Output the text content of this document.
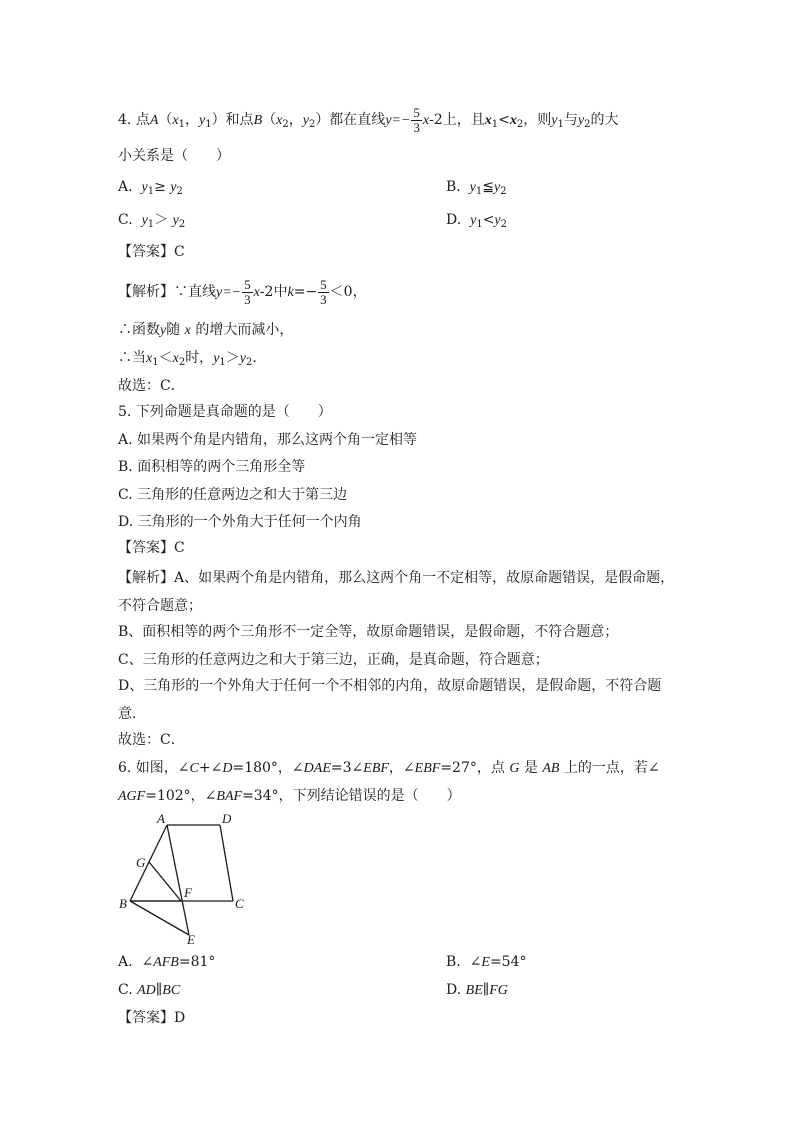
4. 点$A(x_1$，$y_1$）和点$B(x_2$，$y_2$）都在直线$y=- \frac{5}{3} x-2$上，且$x_1<x_2$，则$y_1$与$y_2$的大
小关系是（　　）
A. $y_1\ge y_2$	B. $y_1≦y_2$
C. $y_1> y_2$	D. $y_1<y_2$
【答案】C
【解析】∵直线$y=- \frac{5}{3} x-2$中$k=- \frac{5}{3} <0$，
∴函数y随 x 的增大而减小，
∴当$x_1<x_2$时，$y_1>y_2$．
故选：C．
5. 下列命题是真命题的是（　　）
A. 如果两个角是内错角，那么这两个角一定相等
B. 面积相等的两个三角形全等
C. 三角形的任意两边之和大于第三边
D. 三角形的一个外角大于任何一个内角
【答案】C
【解析】A、如果两个角是内错角，那么这两个角一不定相等，故原命题错误，是假命题，
不符合题意；
B、面积相等的两个三角形不一定全等，故原命题错误，是假命题，不符合题意；
C、三角形的任意两边之和大于第三边，正确，是真命题，符合题意；
D、三角形的一个外角大于任何一个不相邻的内角，故原命题错误，是假命题，不符合题
意．
故选：C．
6. 如图，∠C+∠D=180°，∠DAE=3∠EBF，∠EBF=27°，点 G 是 AB 上的一点，若∠
AGF=102°，∠BAF=34°，下列结论错误的是（　　）
A	D
G
F
B	C
E
A. ∠AFB=81°	B. ∠E=54°
C. AD∥BC	D. BE∥FG
【答案】D
